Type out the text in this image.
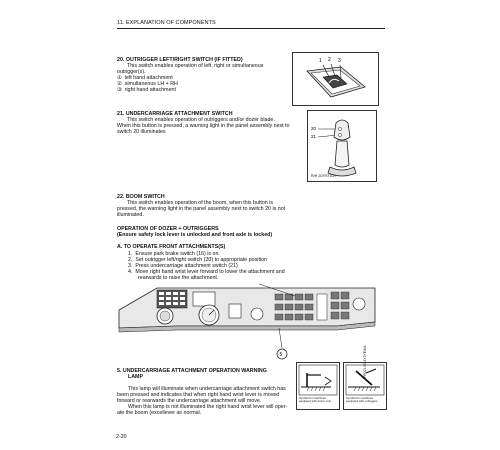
11. EXPLANATION OF COMPONENTS
20. OUTRIGGER LEFT/RIGHT SWITCH (IF FITTED)
This switch enables operation of left, right or simultaneous
outrigger(s).
① left hand attachment
② simultaneous LH + RH
③ right hand attachment
1 2 3
21. UNDERCARRIAGE ATTACHMENT SWITCH
This switch enables operation of outriggers and/or dozer blade.
When this button is pressed, a warning light in the panel assembly next to
switch 20 illuminates
20
21
R/H JOYSTICK
22. BOOM SWITCH
This switch enables operation of the boom, when this button is
pressed, the warning light in the panel assembly next to switch 20 is not
illuminated.
OPERATION OF DOZER + OUTRIGGERS
(Ensure safety lock lever is unlocked and front axle is locked)
A. TO OPERATE FRONT ATTACHMENTS(S)
1. Ensure park brake switch (16) is on.
2. Set outrigger left/right switch (20) to appropriate position
3. Press undercarriage attachment switch (21)
4. Move right hand wrist lever forward to lower the attachment and
rearwards to raise the attachment.
5
5. UNDERCARRIAGE ATTACHMENT OPERATION WARNING
LAMP
This lamp will illuminate when undercarriage attachment switch has
been pressed and indicates that when right hand wrist lever is moved
forward or rearwards the undercarriage attachment will move.
When this lamp is not illuminated the right hand wrist lever will oper-
ate the boom (excellever as normal.
Symbol for machines equipped with dozer only
Symbol for machines equipped with outriggers
2-20
PR013-0016Y2YE/8/4
